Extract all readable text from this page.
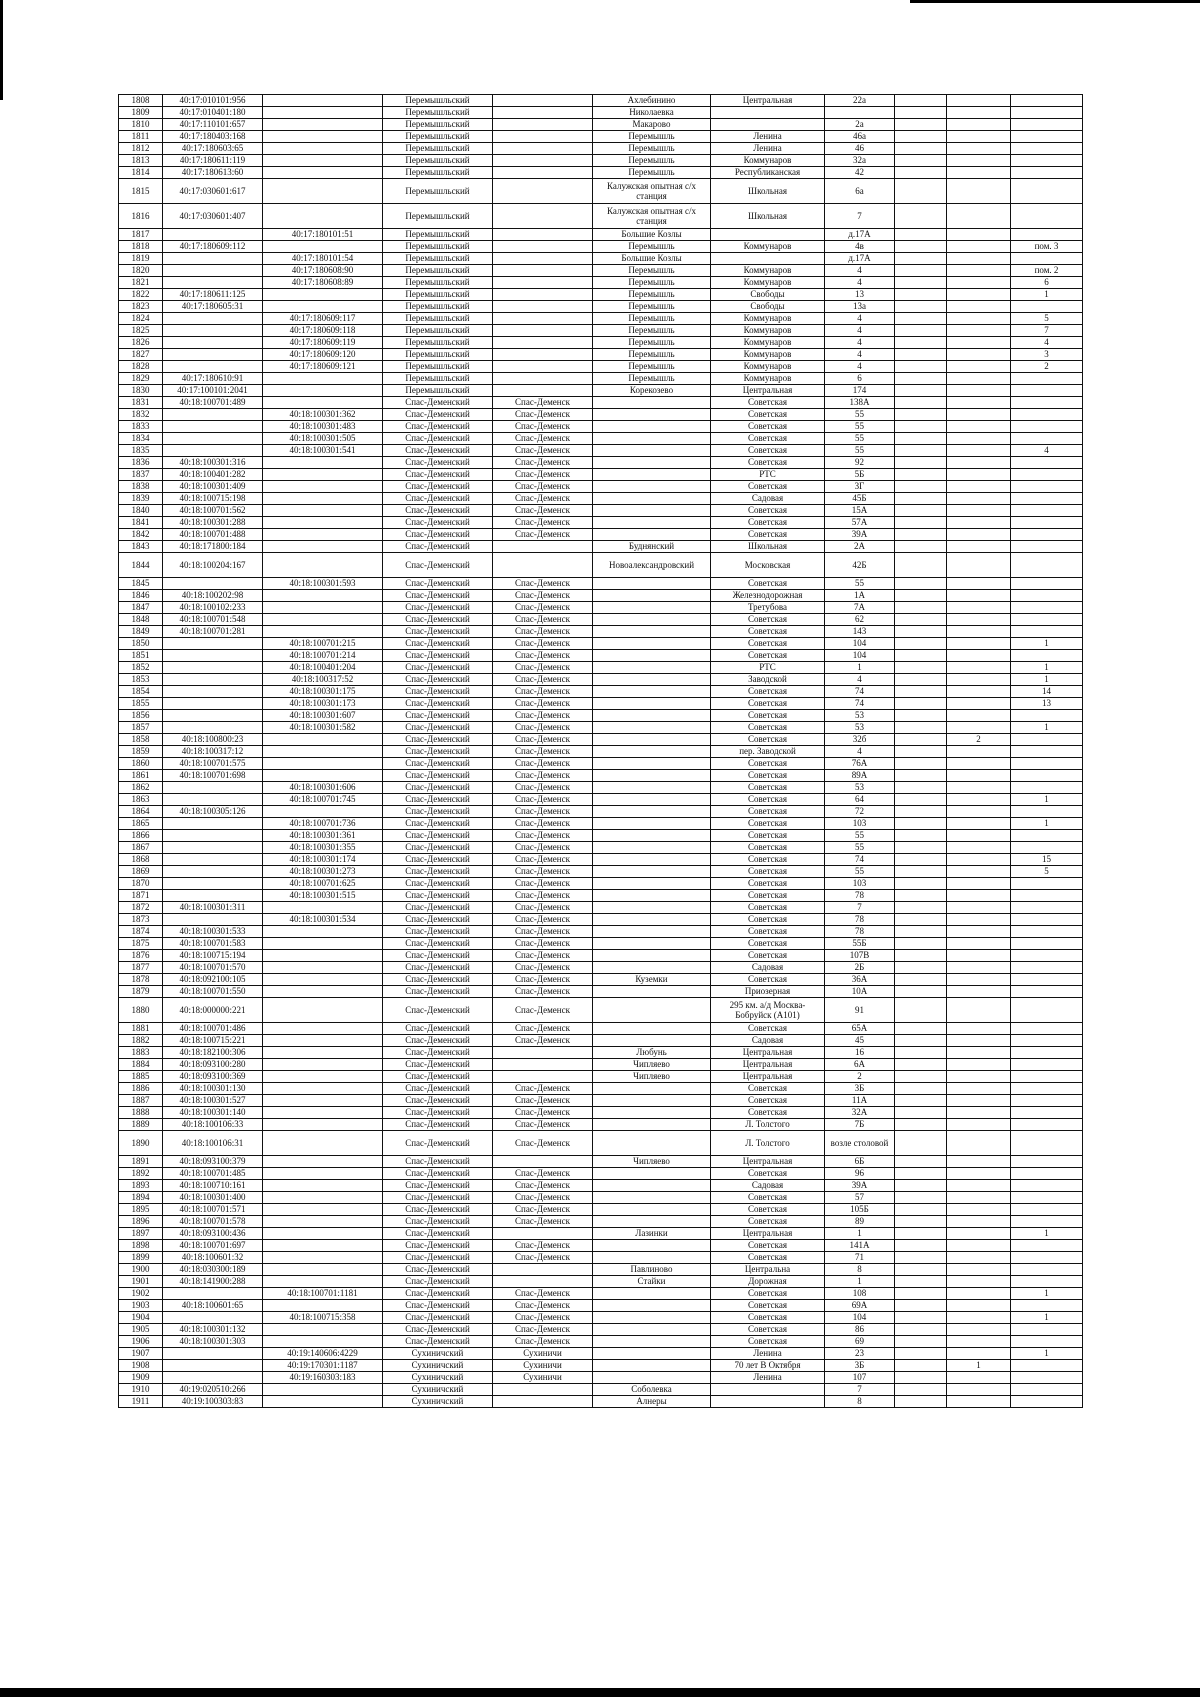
1808	40:17:010101:956		Перемышльский		Ахлебинино	Центральная	22а			
1809	40:17:010401:180		Перемышльский		Николаевка					
1810	40:17:110101:657		Перемышльский		Макарово		2а			
1811	40:17:180403:168		Перемышльский		Перемышль	Ленина	46а			
1812	40:17:180603:65		Перемышльский		Перемышль	Ленина	46			
1813	40:17:180611:119		Перемышльский		Перемышль	Коммунаров	32а			
1814	40:17:180613:60		Перемышльский		Перемышль	Республиканская	42			
1815	40:17:030601:617		Перемышльский		Калужская опытная с/х станция	Школьная	6а			
1816	40:17:030601:407		Перемышльский		Калужская опытная с/х станция	Школьная	7			
1817		40:17:180101:51	Перемышльский		Большие Козлы		д.17А			
1818	40:17:180609:112		Перемышльский		Перемышль	Коммунаров	4в			пом. 3
1819		40:17:180101:54	Перемышльский		Большие Козлы		д.17А			
1820		40:17:180608:90	Перемышльский		Перемышль	Коммунаров	4			пом. 2
1821		40:17:180608:89	Перемышльский		Перемышль	Коммунаров	4			6
1822	40:17:180611:125		Перемышльский		Перемышль	Свободы	13			1
1823	40:17:180605:31		Перемышльский		Перемышль	Свободы	13а			
1824		40:17:180609:117	Перемышльский		Перемышль	Коммунаров	4			5
1825		40:17:180609:118	Перемышльский		Перемышль	Коммунаров	4			7
1826		40:17:180609:119	Перемышльский		Перемышль	Коммунаров	4			4
1827		40:17:180609:120	Перемышльский		Перемышль	Коммунаров	4			3
1828		40:17:180609:121	Перемышльский		Перемышль	Коммунаров	4			2
1829	40:17:180610:91		Перемышльский		Перемышль	Коммунаров	6			
1830	40:17:100101:2041		Перемышльский		Корекозево	Центральная	174			
1831	40:18:100701:489		Спас-Деменский	Спас-Деменск		Советская	138А			
1832		40:18:100301:362	Спас-Деменский	Спас-Деменск		Советская	55			
1833		40:18:100301:483	Спас-Деменский	Спас-Деменск		Советская	55			
1834		40:18:100301:505	Спас-Деменский	Спас-Деменск		Советская	55			
1835		40:18:100301:541	Спас-Деменский	Спас-Деменск		Советская	55			4
1836	40:18:100301:316		Спас-Деменский	Спас-Деменск		Советская	92			
1837	40:18:100401:282		Спас-Деменский	Спас-Деменск		РТС	5Б			
1838	40:18:100301:409		Спас-Деменский	Спас-Деменск		Советская	3Г			
1839	40:18:100715:198		Спас-Деменский	Спас-Деменск		Садовая	45Б			
1840	40:18:100701:562		Спас-Деменский	Спас-Деменск		Советская	15А			
1841	40:18:100301:288		Спас-Деменский	Спас-Деменск		Советская	57А			
1842	40:18:100701:488		Спас-Деменский	Спас-Деменск		Советская	39А			
1843	40:18:171800:184		Спас-Деменский		Буднянский	Школьная	2А			
1844	40:18:100204:167		Спас-Деменский		Новоалександровский	Московская	42Б			
1845		40:18:100301:593	Спас-Деменский	Спас-Деменск		Советская	55			
1846	40:18:100202:98		Спас-Деменский	Спас-Деменск		Железнодорожная	1А			
1847	40:18:100102:233		Спас-Деменский	Спас-Деменск		Третубова	7А			
1848	40:18:100701:548		Спас-Деменский	Спас-Деменск		Советская	62			
1849	40:18:100701:281		Спас-Деменский	Спас-Деменск		Советская	143			
1850		40:18:100701:215	Спас-Деменский	Спас-Деменск		Советская	104			1
1851		40:18:100701:214	Спас-Деменский	Спас-Деменск		Советская	104			
1852		40:18:100401:204	Спас-Деменский	Спас-Деменск		РТС	1			1
1853		40:18:100317:52	Спас-Деменский	Спас-Деменск		Заводской	4			1
1854		40:18:100301:175	Спас-Деменский	Спас-Деменск		Советская	74			14
1855		40:18:100301:173	Спас-Деменский	Спас-Деменск		Советская	74			13
1856		40:18:100301:607	Спас-Деменский	Спас-Деменск		Советская	53			
1857		40:18:100301:582	Спас-Деменский	Спас-Деменск		Советская	53			1
1858	40:18:100800:23		Спас-Деменский	Спас-Деменск		Советская	32б		2	
1859	40:18:100317:12		Спас-Деменский	Спас-Деменск		пер. Заводской	4			
1860	40:18:100701:575		Спас-Деменский	Спас-Деменск		Советская	76А			
1861	40:18:100701:698		Спас-Деменский	Спас-Деменск		Советская	89А			
1862		40:18:100301:606	Спас-Деменский	Спас-Деменск		Советская	53			
1863		40:18:100701:745	Спас-Деменский	Спас-Деменск		Советская	64			1
1864	40:18:100305:126		Спас-Деменский	Спас-Деменск		Советская	72			
1865		40:18:100701:736	Спас-Деменский	Спас-Деменск		Советская	103			1
1866		40:18:100301:361	Спас-Деменский	Спас-Деменск		Советская	55			
1867		40:18:100301:355	Спас-Деменский	Спас-Деменск		Советская	55			
1868		40:18:100301:174	Спас-Деменский	Спас-Деменск		Советская	74			15
1869		40:18:100301:273	Спас-Деменский	Спас-Деменск		Советская	55			5
1870		40:18:100701:625	Спас-Деменский	Спас-Деменск		Советская	103			
1871		40:18:100301:515	Спас-Деменский	Спас-Деменск		Советская	78			
1872	40:18:100301:311		Спас-Деменский	Спас-Деменск		Советская	7			
1873		40:18:100301:534	Спас-Деменский	Спас-Деменск		Советская	78			
1874	40:18:100301:533		Спас-Деменский	Спас-Деменск		Советская	78			
1875	40:18:100701:583		Спас-Деменский	Спас-Деменск		Советская	55Б			
1876	40:18:100715:194		Спас-Деменский	Спас-Деменск		Советская	107В			
1877	40:18:100701:570		Спас-Деменский	Спас-Деменск		Садовая	2Б			
1878	40:18:092100:105		Спас-Деменский	Спас-Деменск	Куземки	Советская	36А			
1879	40:18:100701:550		Спас-Деменский	Спас-Деменск		Приозерная	10А			
1880	40:18:000000:221		Спас-Деменский	Спас-Деменск		295 км. а/д Москва-Бобруйск (А101)	91			
1881	40:18:100701:486		Спас-Деменский	Спас-Деменск		Советская	65А			
1882	40:18:100715:221		Спас-Деменский	Спас-Деменск		Садовая	45			
1883	40:18:182100:306		Спас-Деменский		Любунь	Центральная	16			
1884	40:18:093100:280		Спас-Деменский		Чипляево	Центральная	6А			
1885	40:18:093100:369		Спас-Деменский		Чипляево	Центральная	2			
1886	40:18:100301:130		Спас-Деменский	Спас-Деменск		Советская	3Б			
1887	40:18:100301:527		Спас-Деменский	Спас-Деменск		Советская	11А			
1888	40:18:100301:140		Спас-Деменский	Спас-Деменск		Советская	32А			
1889	40:18:100106:33		Спас-Деменский	Спас-Деменск		Л. Толстого	7Б			
1890	40:18:100106:31		Спас-Деменский	Спас-Деменск		Л. Толстого	возле столовой			
1891	40:18:093100:379		Спас-Деменский		Чипляево	Центральная	6Б			
1892	40:18:100701:485		Спас-Деменский	Спас-Деменск		Советская	96			
1893	40:18:100710:161		Спас-Деменский	Спас-Деменск		Садовая	39А			
1894	40:18:100301:400		Спас-Деменский	Спас-Деменск		Советская	57			
1895	40:18:100701:571		Спас-Деменский	Спас-Деменск		Советская	105Б			
1896	40:18:100701:578		Спас-Деменский	Спас-Деменск		Советская	89			
1897	40:18:093100:436		Спас-Деменский		Лазинки	Центральная	1			1
1898	40:18:100701:697		Спас-Деменский	Спас-Деменск		Советская	141А			
1899	40:18:100601:32		Спас-Деменский	Спас-Деменск		Советская	71			
1900	40:18:030300:189		Спас-Деменский		Павлиново	Центральна	8			
1901	40:18:141900:288		Спас-Деменский		Стайки	Дорожная	1			
1902		40:18:100701:1181	Спас-Деменский	Спас-Деменск		Советская	108			1
1903	40:18:100601:65		Спас-Деменский	Спас-Деменск		Советская	69А			
1904		40:18:100715:358	Спас-Деменский	Спас-Деменск		Советская	104			1
1905	40:18:100301:132		Спас-Деменский	Спас-Деменск		Советская	86			
1906	40:18:100301:303		Спас-Деменский	Спас-Деменск		Советская	69			
1907		40:19:140606:4229	Сухиничский	Сухиничи		Ленина	23			1
1908		40:19:170301:1187	Сухиничский	Сухиничи		70 лет В Октября	3Б		1	
1909		40:19:160303:183	Сухиничский	Сухиничи		Ленина	107			
1910	40:19:020510:266		Сухиничский		Соболевка		7			
1911	40:19:100303:83		Сухиничский		Алнеры		8			
